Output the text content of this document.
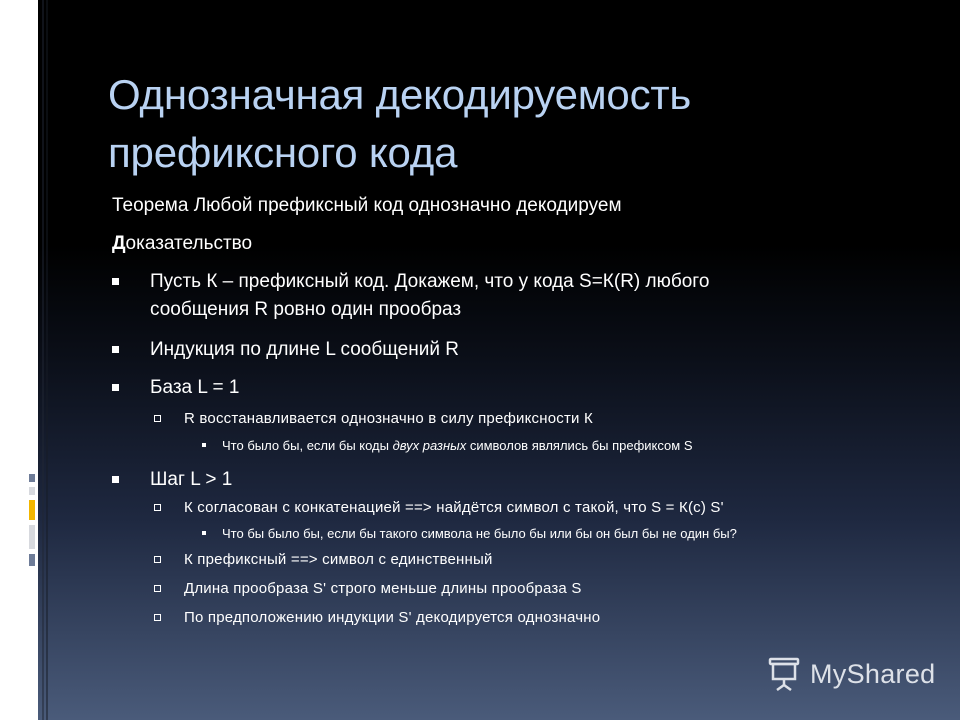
Однозначная декодируемость
префиксного кода
Теорема Любой префиксный код однозначно декодируем
Доказательство
Пусть К – префиксный код. Докажем, что у кода S=К(R) любого
сообщения R ровно один прообраз
Индукция по длине L сообщений R
База L = 1
R восстанавливается однозначно в силу префиксности К
Что было бы, если бы коды двух разных символов являлись бы префиксом S
Шаг L > 1
К согласован с конкатенацией ==> найдётся символ с такой, что S = К(с) S'
Что бы было бы, если бы такого символа не было бы или бы он был бы не один бы?
К префиксный ==> символ с единственный
Длина прообраза S' строго меньше длины прообраза S
По предположению индукции S' декодируется однозначно
MyShared
